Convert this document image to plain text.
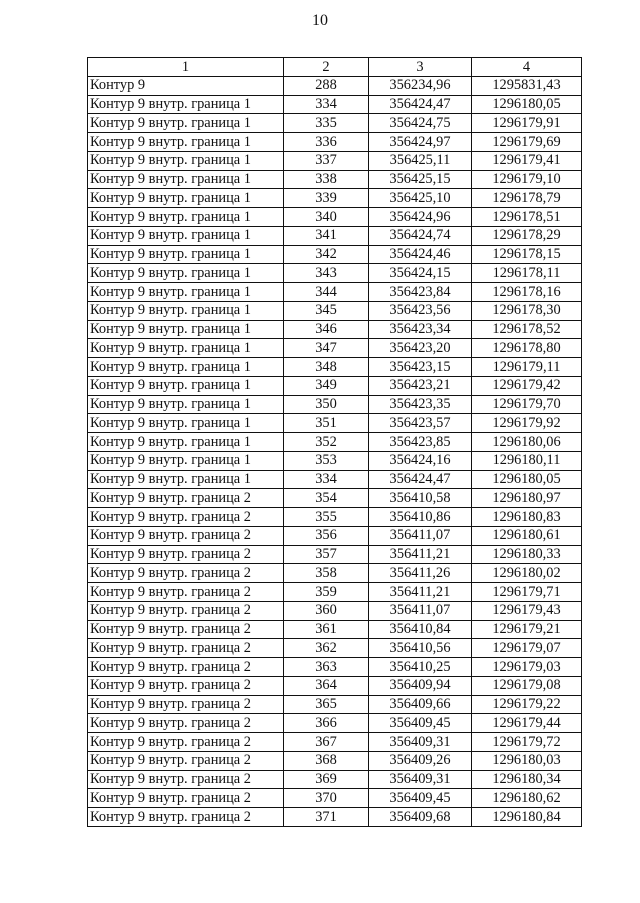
10
1	2	3	4
Контур 9	288	356234,96	1295831,43
Контур 9 внутр. граница 1	334	356424,47	1296180,05
Контур 9 внутр. граница 1	335	356424,75	1296179,91
Контур 9 внутр. граница 1	336	356424,97	1296179,69
Контур 9 внутр. граница 1	337	356425,11	1296179,41
Контур 9 внутр. граница 1	338	356425,15	1296179,10
Контур 9 внутр. граница 1	339	356425,10	1296178,79
Контур 9 внутр. граница 1	340	356424,96	1296178,51
Контур 9 внутр. граница 1	341	356424,74	1296178,29
Контур 9 внутр. граница 1	342	356424,46	1296178,15
Контур 9 внутр. граница 1	343	356424,15	1296178,11
Контур 9 внутр. граница 1	344	356423,84	1296178,16
Контур 9 внутр. граница 1	345	356423,56	1296178,30
Контур 9 внутр. граница 1	346	356423,34	1296178,52
Контур 9 внутр. граница 1	347	356423,20	1296178,80
Контур 9 внутр. граница 1	348	356423,15	1296179,11
Контур 9 внутр. граница 1	349	356423,21	1296179,42
Контур 9 внутр. граница 1	350	356423,35	1296179,70
Контур 9 внутр. граница 1	351	356423,57	1296179,92
Контур 9 внутр. граница 1	352	356423,85	1296180,06
Контур 9 внутр. граница 1	353	356424,16	1296180,11
Контур 9 внутр. граница 1	334	356424,47	1296180,05
Контур 9 внутр. граница 2	354	356410,58	1296180,97
Контур 9 внутр. граница 2	355	356410,86	1296180,83
Контур 9 внутр. граница 2	356	356411,07	1296180,61
Контур 9 внутр. граница 2	357	356411,21	1296180,33
Контур 9 внутр. граница 2	358	356411,26	1296180,02
Контур 9 внутр. граница 2	359	356411,21	1296179,71
Контур 9 внутр. граница 2	360	356411,07	1296179,43
Контур 9 внутр. граница 2	361	356410,84	1296179,21
Контур 9 внутр. граница 2	362	356410,56	1296179,07
Контур 9 внутр. граница 2	363	356410,25	1296179,03
Контур 9 внутр. граница 2	364	356409,94	1296179,08
Контур 9 внутр. граница 2	365	356409,66	1296179,22
Контур 9 внутр. граница 2	366	356409,45	1296179,44
Контур 9 внутр. граница 2	367	356409,31	1296179,72
Контур 9 внутр. граница 2	368	356409,26	1296180,03
Контур 9 внутр. граница 2	369	356409,31	1296180,34
Контур 9 внутр. граница 2	370	356409,45	1296180,62
Контур 9 внутр. граница 2	371	356409,68	1296180,84
